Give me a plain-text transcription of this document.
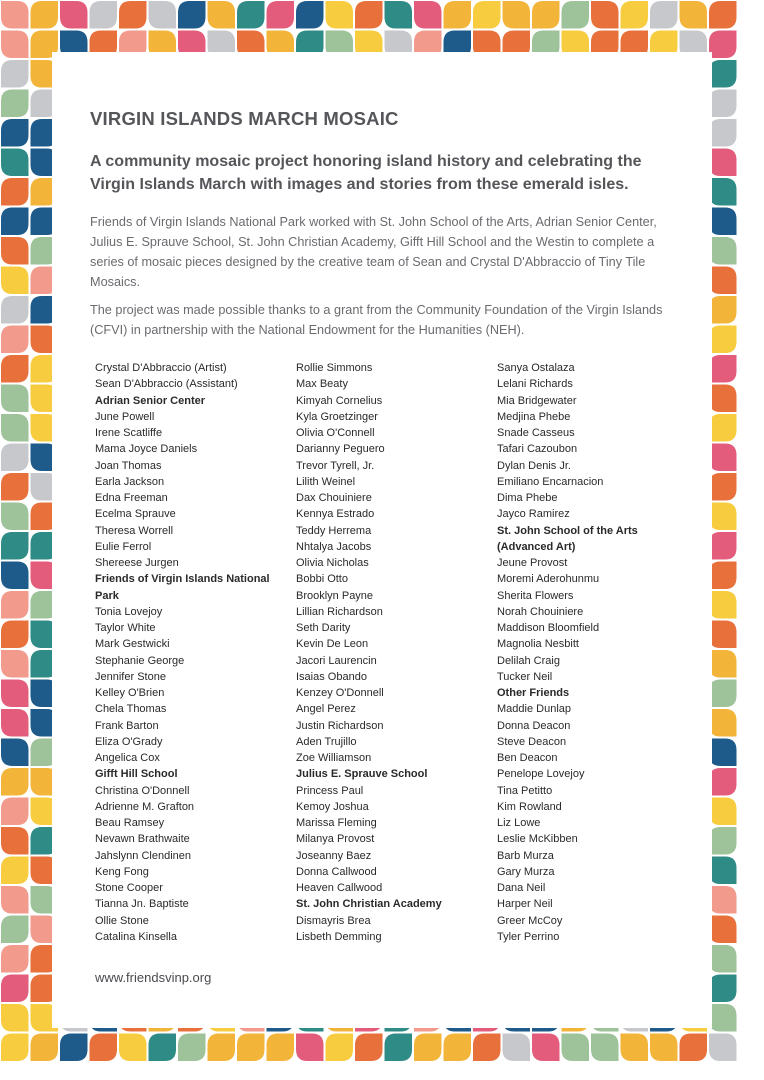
VIRGIN ISLANDS MARCH MOSAIC
A community mosaic project honoring island history and celebrating the Virgin Islands March with images and stories from these emerald isles.

Friends of Virgin Islands National Park worked with St. John School of the Arts, Adrian Senior Center, Julius E. Sprauve School, St. John Christian Academy, Gifft Hill School and the Westin to complete a series of mosaic pieces designed by the creative team of Sean and Crystal D'Abbraccio of Tiny Tile Mosaics.

The project was made possible thanks to a grant from the Community Foundation of the Virgin Islands (CFVI) in partnership with the National Endowment for the Humanities (NEH).

Crystal D'Abbraccio (Artist)
Sean D'Abbraccio (Assistant)
Adrian Senior Center
June Powell
Irene Scatliffe
Mama Joyce Daniels
Joan Thomas
Earla Jackson
Edna Freeman
Ecelma Sprauve
Theresa Worrell
Eulie Ferrol
Shereese Jurgen
Friends of Virgin Islands National Park
Tonia Lovejoy
Taylor White
Mark Gestwicki
Stephanie George
Jennifer Stone
Kelley O'Brien
Chela Thomas
Frank Barton
Eliza O'Grady
Angelica Cox
Gifft Hill School
Christina O'Donnell
Adrienne M. Grafton
Beau Ramsey
Nevawn Brathwaite
Jahslynn Clendinen
Keng Fong
Stone Cooper
Tianna Jn. Baptiste
Ollie Stone
Catalina Kinsella
Rollie Simmons
Max Beaty
Kimyah Cornelius
Kyla Groetzinger
Olivia O'Connell
Darianny Peguero
Trevor Tyrell, Jr.
Lilith Weinel
Dax Chouiniere
Kennya Estrado
Teddy Herrema
Nhtalya Jacobs
Olivia Nicholas
Bobbi Otto
Brooklyn Payne
Lillian Richardson
Seth Darity
Kevin De Leon
Jacori Laurencin
Isaias Obando
Kenzey O'Donnell
Angel Perez
Justin Richardson
Aden Trujillo
Zoe Williamson
Julius E. Sprauve School
Princess Paul
Kemoy Joshua
Marissa Fleming
Milanya Provost
Joseanny Baez
Donna Callwood
Heaven Callwood
St. John Christian Academy
Dismayris Brea
Lisbeth Demming
Sanya Ostalaza
Lelani Richards
Mia Bridgewater
Medjina Phebe
Snade Casseus
Tafari Cazoubon
Dylan Denis Jr.
Emiliano Encarnacion
Dima Phebe
Jayco Ramirez
St. John School of the Arts (Advanced Art)
Jeune Provost
Moremi Aderohunmu
Sherita Flowers
Norah Chouiniere
Maddison Bloomfield
Magnolia Nesbitt
Delilah Craig
Tucker Neil
Other Friends
Maddie Dunlap
Donna Deacon
Steve Deacon
Ben Deacon
Penelope Lovejoy
Tina Petitto
Kim Rowland
Liz Lowe
Leslie McKibben
Barb Murza
Gary Murza
Dana Neil
Harper Neil
Greer McCoy
Tyler Perrino

www.friendsvinp.org
